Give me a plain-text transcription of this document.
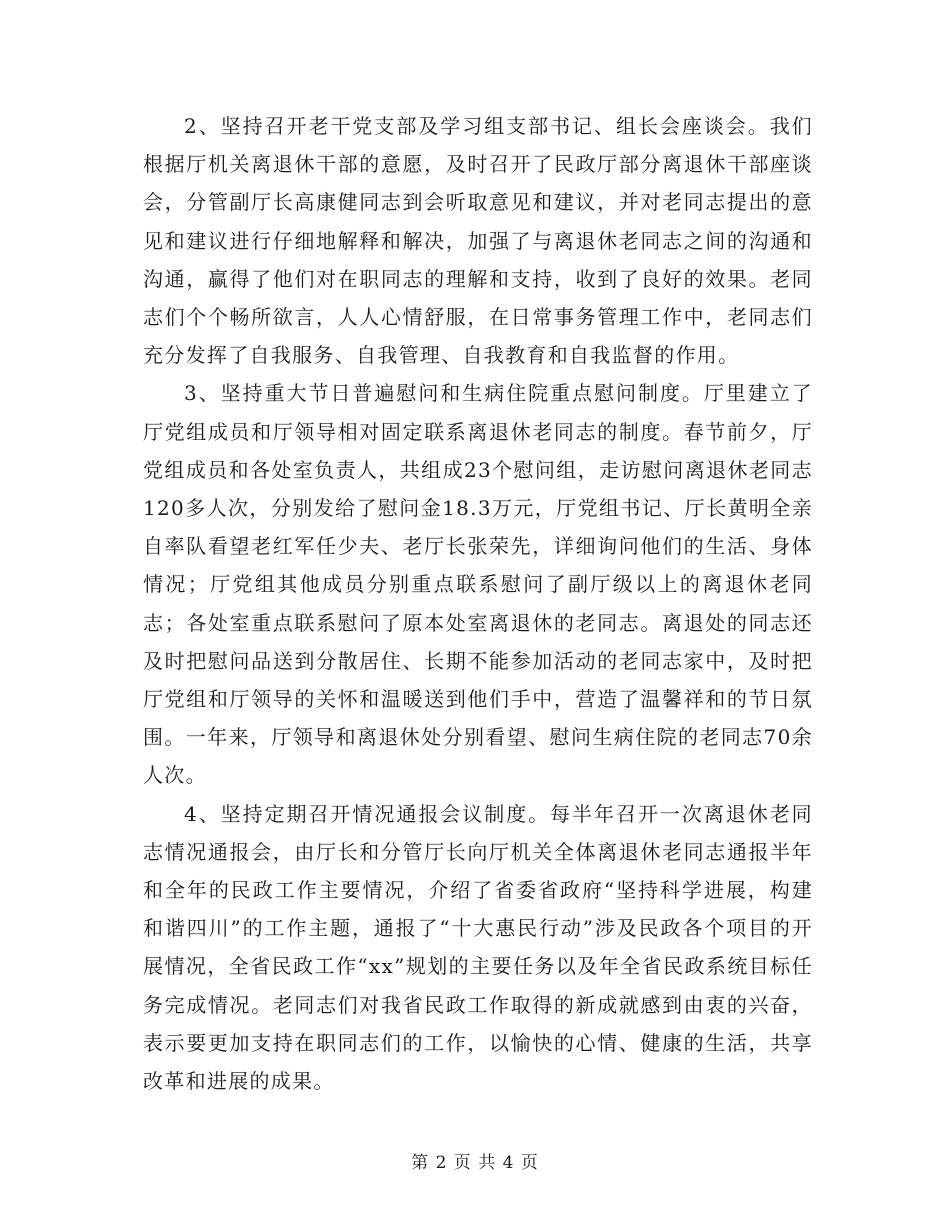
2、坚持召开老干党支部及学习组支部书记、组长会座谈会。我们根据厅机关离退休干部的意愿，及时召开了民政厅部分离退休干部座谈会，分管副厅长高康健同志到会听取意见和建议，并对老同志提出的意见和建议进行仔细地解释和解决，加强了与离退休老同志之间的沟通和沟通，赢得了他们对在职同志的理解和支持，收到了良好的效果。老同志们个个畅所欲言，人人心情舒服，在日常事务管理工作中，老同志们充分发挥了自我服务、自我管理、自我教育和自我监督的作用。

3、坚持重大节日普遍慰问和生病住院重点慰问制度。厅里建立了厅党组成员和厅领导相对固定联系离退休老同志的制度。春节前夕，厅党组成员和各处室负责人，共组成23个慰问组，走访慰问离退休老同志120多人次，分别发给了慰问金18.3万元，厅党组书记、厅长黄明全亲自率队看望老红军任少夫、老厅长张荣先，详细询问他们的生活、身体情况；厅党组其他成员分别重点联系慰问了副厅级以上的离退休老同志；各处室重点联系慰问了原本处室离退休的老同志。离退处的同志还及时把慰问品送到分散居住、长期不能参加活动的老同志家中，及时把厅党组和厅领导的关怀和温暖送到他们手中，营造了温馨祥和的节日氛围。一年来，厅领导和离退休处分别看望、慰问生病住院的老同志70余人次。

4、坚持定期召开情况通报会议制度。每半年召开一次离退休老同志情况通报会，由厅长和分管厅长向厅机关全体离退休老同志通报半年和全年的民政工作主要情况，介绍了省委省政府“坚持科学进展，构建和谐四川”的工作主题，通报了“十大惠民行动”涉及民政各个项目的开展情况，全省民政工作“xx”规划的主要任务以及年全省民政系统目标任务完成情况。老同志们对我省民政工作取得的新成就感到由衷的兴奋，表示要更加支持在职同志们的工作，以愉快的心情、健康的生活，共享改革和进展的成果。

第 2 页 共 4 页
